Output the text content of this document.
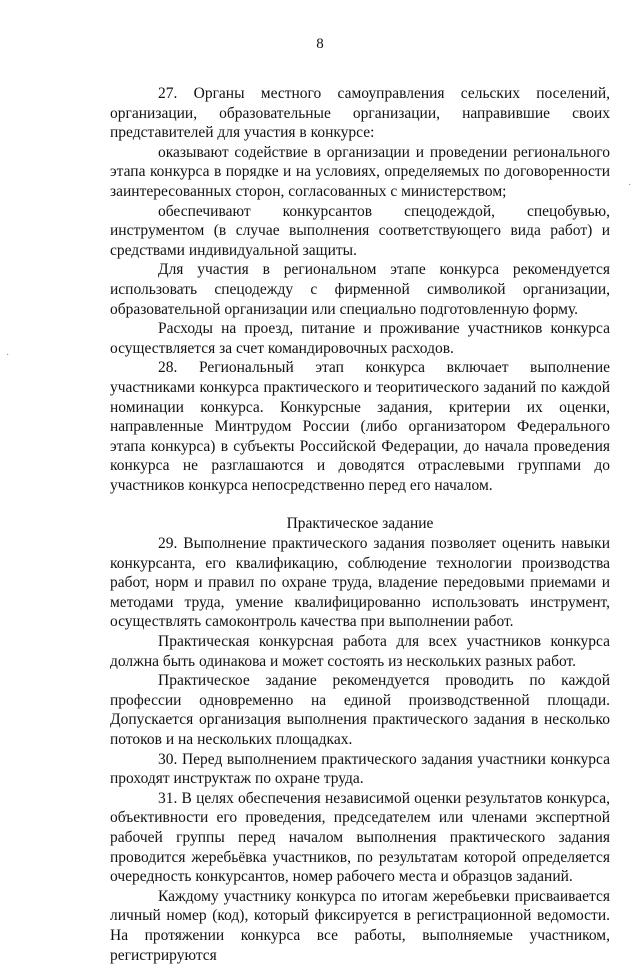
8
·
·

27. Органы местного самоуправления сельских поселений, организации, образовательные организации, направившие своих представителей для участия в конкурсе:

оказывают содействие в организации и проведении регионального этапа конкурса в порядке и на условиях, определяемых по договоренности заинтересованных сторон, согласованных с министерством;

обеспечивают конкурсантов спецодеждой, спецобувью, инструментом (в случае выполнения соответствующего вида работ) и средствами индивидуальной защиты.

Для участия в региональном этапе конкурса рекомендуется использовать спецодежду с фирменной символикой организации, образовательной организации или специально подготовленную форму.

Расходы на проезд, питание и проживание участников конкурса осуществляется за счет командировочных расходов.

28. Региональный этап конкурса включает выполнение участниками конкурса практического и теоритического заданий по каждой номинации конкурса. Конкурсные задания, критерии их оценки, направленные Минтрудом России (либо организатором Федерального этапа конкурса) в субъекты Российской Федерации, до начала проведения конкурса не разглашаются и доводятся отраслевыми группами до участников конкурса непосредственно перед его началом.

Практическое задание

29. Выполнение практического задания позволяет оценить навыки конкурсанта, его квалификацию, соблюдение технологии производства работ, норм и правил по охране труда, владение передовыми приемами и методами труда, умение квалифицированно использовать инструмент, осуществлять самоконтроль качества при выполнении работ.

Практическая конкурсная работа для всех участников конкурса должна быть одинакова и может состоять из нескольких разных работ.

Практическое задание рекомендуется проводить по каждой профессии одновременно на единой производственной площади. Допускается организация выполнения практического задания в несколько потоков и на нескольких площадках.

30. Перед выполнением практического задания участники конкурса проходят инструктаж по охране труда.

31. В целях обеспечения независимой оценки результатов конкурса, объективности его проведения, председателем или членами экспертной рабочей группы перед началом выполнения практического задания проводится жеребьёвка участников, по результатам которой определяется очередность конкурсантов, номер рабочего места и образцов заданий.

Каждому участнику конкурса по итогам жеребьевки присваивается личный номер (код), который фиксируется в регистрационной ведомости. На протяжении конкурса все работы, выполняемые участником, регистрируются
